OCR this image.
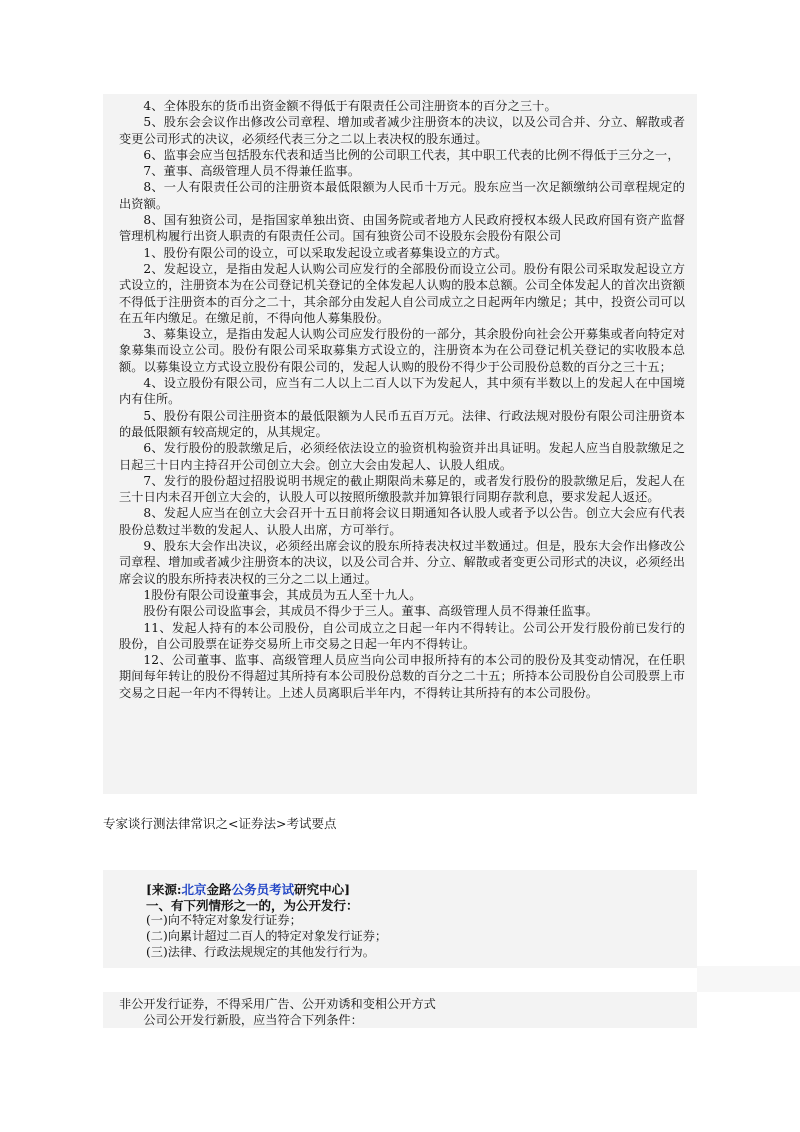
4、全体股东的货币出资金额不得低于有限责任公司注册资本的百分之三十。

5、股东会会议作出修改公司章程、增加或者减少注册资本的决议，以及公司合并、分立、解散或者变更公司形式的决议，必须经代表三分之二以上表决权的股东通过。

6、监事会应当包括股东代表和适当比例的公司职工代表，其中职工代表的比例不得低于三分之一，

7、董事、高级管理人员不得兼任监事。

8、一人有限责任公司的注册资本最低限额为人民币十万元。股东应当一次足额缴纳公司章程规定的出资额。

8、国有独资公司，是指国家单独出资、由国务院或者地方人民政府授权本级人民政府国有资产监督管理机构履行出资人职责的有限责任公司。国有独资公司不设股东会股份有限公司

1、股份有限公司的设立，可以采取发起设立或者募集设立的方式。

2、发起设立，是指由发起人认购公司应发行的全部股份而设立公司。股份有限公司采取发起设立方式设立的，注册资本为在公司登记机关登记的全体发起人认购的股本总额。公司全体发起人的首次出资额不得低于注册资本的百分之二十，其余部分由发起人自公司成立之日起两年内缴足；其中，投资公司可以在五年内缴足。在缴足前，不得向他人募集股份。

3、募集设立，是指由发起人认购公司应发行股份的一部分，其余股份向社会公开募集或者向特定对象募集而设立公司。股份有限公司采取募集方式设立的，注册资本为在公司登记机关登记的实收股本总额。以募集设立方式设立股份有限公司的，发起人认购的股份不得少于公司股份总数的百分之三十五；

4、设立股份有限公司，应当有二人以上二百人以下为发起人，其中须有半数以上的发起人在中国境内有住所。

5、股份有限公司注册资本的最低限额为人民币五百万元。法律、行政法规对股份有限公司注册资本的最低限额有较高规定的，从其规定。

6、发行股份的股款缴足后，必须经依法设立的验资机构验资并出具证明。发起人应当自股款缴足之日起三十日内主持召开公司创立大会。创立大会由发起人、认股人组成。

7、发行的股份超过招股说明书规定的截止期限尚未募足的，或者发行股份的股款缴足后，发起人在三十日内未召开创立大会的，认股人可以按照所缴股款并加算银行同期存款利息，要求发起人返还。

8、发起人应当在创立大会召开十五日前将会议日期通知各认股人或者予以公告。创立大会应有代表股份总数过半数的发起人、认股人出席，方可举行。

9、股东大会作出决议，必须经出席会议的股东所持表决权过半数通过。但是，股东大会作出修改公司章程、增加或者减少注册资本的决议，以及公司合并、分立、解散或者变更公司形式的决议，必须经出席会议的股东所持表决权的三分之二以上通过。

1股份有限公司设董事会，其成员为五人至十九人。

股份有限公司设监事会，其成员不得少于三人。董事、高级管理人员不得兼任监事。

11、发起人持有的本公司股份，自公司成立之日起一年内不得转让。公司公开发行股份前已发行的股份，自公司股票在证券交易所上市交易之日起一年内不得转让。

12、公司董事、监事、高级管理人员应当向公司申报所持有的本公司的股份及其变动情况，在任职期间每年转让的股份不得超过其所持有本公司股份总数的百分之二十五；所持本公司股份自公司股票上市交易之日起一年内不得转让。上述人员离职后半年内，不得转让其所持有的本公司股份。

专家谈行测法律常识之<证券法>考试要点

[来源:北京金路公务员考试研究中心]

一、有下列情形之一的，为公开发行：

(一)向不特定对象发行证券；

(二)向累计超过二百人的特定对象发行证券；

(三)法律、行政法规规定的其他发行行为。

非公开发行证券，不得采用广告、公开劝诱和变相公开方式

公司公开发行新股，应当符合下列条件：
